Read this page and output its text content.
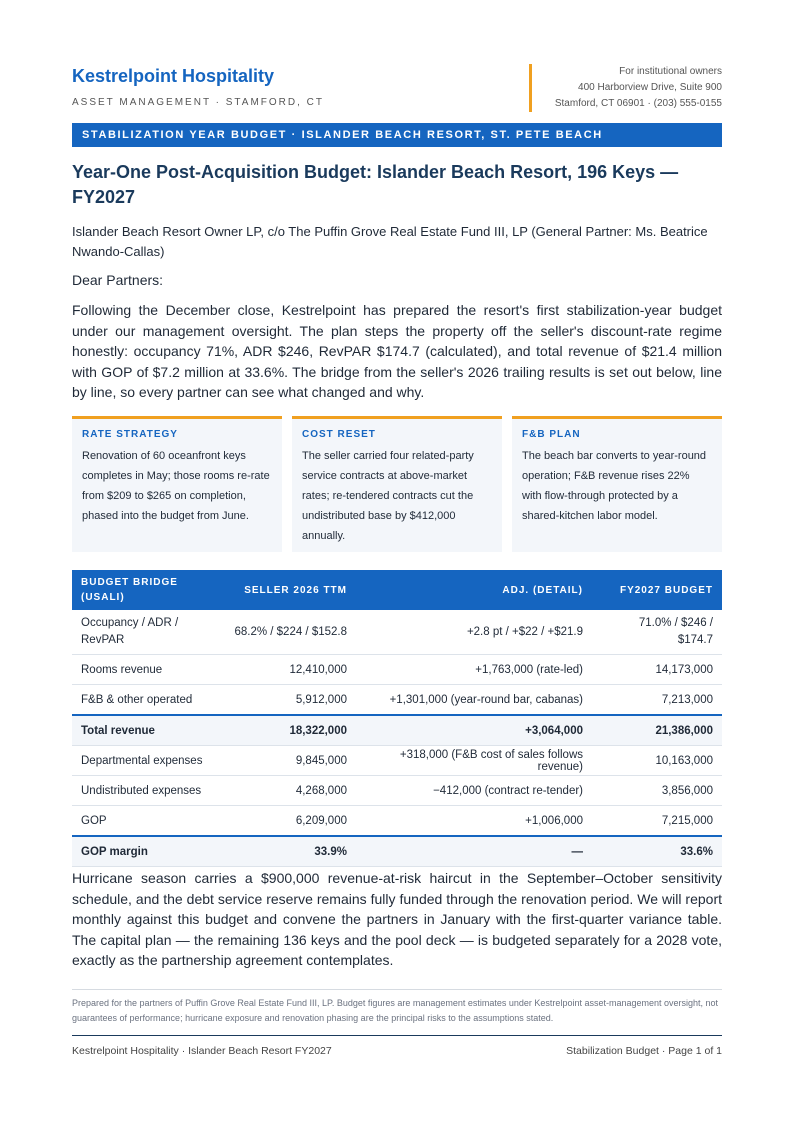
Kestrelpoint Hospitality
ASSET MANAGEMENT · STAMFORD, CT
For institutional owners
400 Harborview Drive, Suite 900
Stamford, CT 06901 · (203) 555-0155
STABILIZATION YEAR BUDGET · ISLANDER BEACH RESORT, ST. PETE BEACH
Year-One Post-Acquisition Budget: Islander Beach Resort, 196 Keys — FY2027
Islander Beach Resort Owner LP, c/o The Puffin Grove Real Estate Fund III, LP (General Partner: Ms. Beatrice Nwando-Callas)
Dear Partners:
Following the December close, Kestrelpoint has prepared the resort's first stabilization-year budget under our management oversight. The plan steps the property off the seller's discount-rate regime honestly: occupancy 71%, ADR $246, RevPAR $174.7 (calculated), and total revenue of $21.4 million with GOP of $7.2 million at 33.6%. The bridge from the seller's 2026 trailing results is set out below, line by line, so every partner can see what changed and why.
RATE STRATEGY
Renovation of 60 oceanfront keys completes in May; those rooms re-rate from $209 to $265 on completion, phased into the budget from June.
COST RESET
The seller carried four related-party service contracts at above-market rates; re-tendered contracts cut the undistributed base by $412,000 annually.
F&B PLAN
The beach bar converts to year-round operation; F&B revenue rises 22% with flow-through protected by a shared-kitchen labor model.
BUDGET BRIDGE (USALI)	SELLER 2026 TTM	ADJ. (DETAIL)	FY2027 BUDGET
Occupancy / ADR / RevPAR	68.2% / $224 / $152.8	+2.8 pt / +$22 / +$21.9	71.0% / $246 / $174.7
Rooms revenue	12,410,000	+1,763,000 (rate-led)	14,173,000
F&B & other operated	5,912,000	+1,301,000 (year-round bar, cabanas)	7,213,000
Total revenue	18,322,000	+3,064,000	21,386,000
Departmental expenses	9,845,000	+318,000 (F&B cost of sales follows revenue)	10,163,000
Undistributed expenses	4,268,000	−412,000 (contract re-tender)	3,856,000
GOP	6,209,000	+1,006,000	7,215,000
GOP margin	33.9%	—	33.6%
Hurricane season carries a $900,000 revenue-at-risk haircut in the September–October sensitivity schedule, and the debt service reserve remains fully funded through the renovation period. We will report monthly against this budget and convene the partners in January with the first-quarter variance table. The capital plan — the remaining 136 keys and the pool deck — is budgeted separately for a 2028 vote, exactly as the partnership agreement contemplates.
Prepared for the partners of Puffin Grove Real Estate Fund III, LP. Budget figures are management estimates under Kestrelpoint asset-management oversight, not guarantees of performance; hurricane exposure and renovation phasing are the principal risks to the assumptions stated.
Kestrelpoint Hospitality · Islander Beach Resort FY2027	Stabilization Budget · Page 1 of 1
